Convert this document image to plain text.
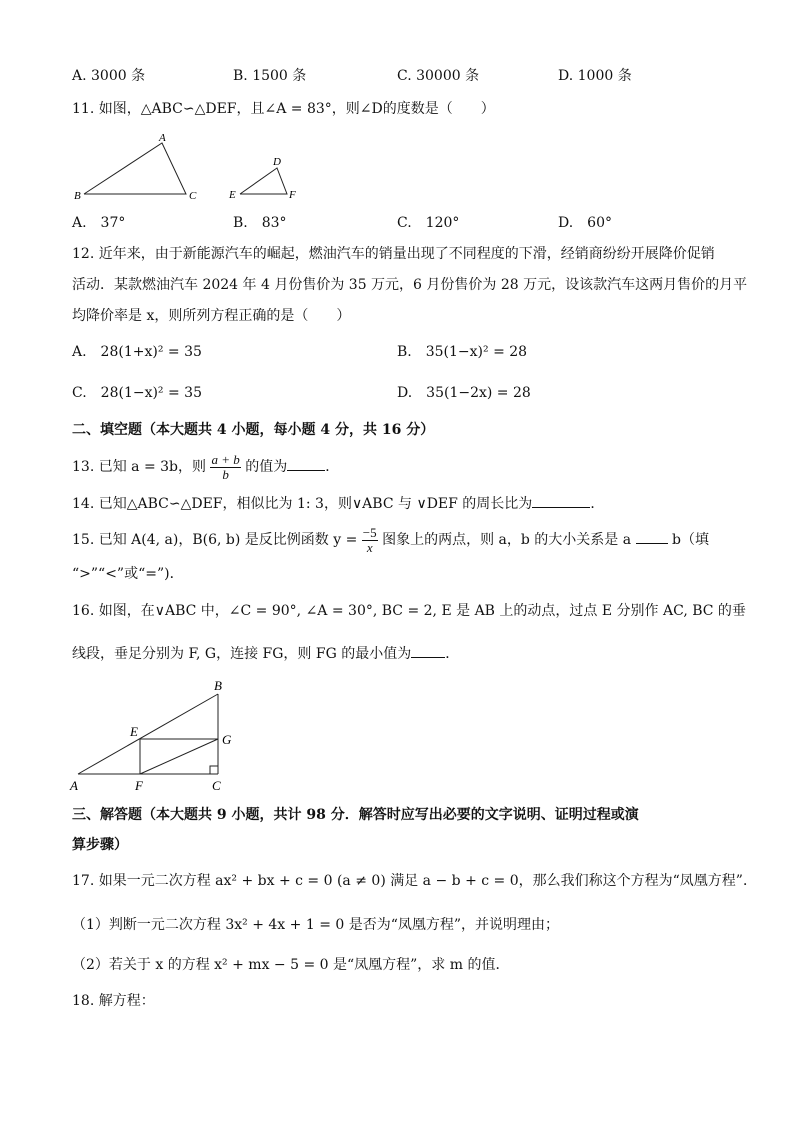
A. 3000 条	B. 1500 条	C. 30000 条	D. 1000 条
11. 如图，△ABC∽△DEF，且∠A = 83°，则∠D的度数是（　　）
A
B	C
D
E	F
A.　37°	B.　83°	C.　120°	D.　60°
12. 近年来，由于新能源汽车的崛起，燃油汽车的销量出现了不同程度的下滑，经销商纷纷开展降价促销
活动．某款燃油汽车 2024 年 4 月份售价为 35 万元，6 月份售价为 28 万元，设该款汽车这两月售价的月平
均降价率是 x，则所列方程正确的是（　　）
A.　28(1+x)² = 35	B.　35(1−x)² = 28
C.　28(1−x)² = 35	D.　35(1−2x) = 28
二、填空题（本大题共 4 小题，每小题 4 分，共 16 分）
13. 已知 a = 3b，则 $\frac{a + b}{b}$ 的值为	．
14. 已知△ABC∽△DEF，相似比为 1: 3，则∨ABC 与 ∨DEF 的周长比为	．
15. 已知 A(4, a)，B(6, b) 是反比例函数 $y = \frac{-5}{x}$ 图象上的两点，则 a，b 的大小关系是 a	b（填
“>”“<”或“=”)．
16. 如图，在∨ABC 中，∠C = 90°, ∠A = 30°, BC = 2, E 是 AB 上的动点，过点 E 分别作 AC, BC 的垂
线段，垂足分别为 F, G，连接 FG，则 FG 的最小值为 ．
A
B
C
E
F
G
三、解答题（本大题共 9 小题，共计 98 分．解答时应写出必要的文字说明、证明过程或演
算步骤）
17. 如果一元二次方程 ax² + bx + c = 0 (a ≠ 0) 满足 a − b + c = 0，那么我们称这个方程为“凤凰方程”．
（1）判断一元二次方程 3x² + 4x + 1 = 0 是否为“凤凰方程”，并说明理由；
（2）若关于 x 的方程 x² + mx − 5 = 0 是“凤凰方程”，求 m 的值．
18. 解方程：
